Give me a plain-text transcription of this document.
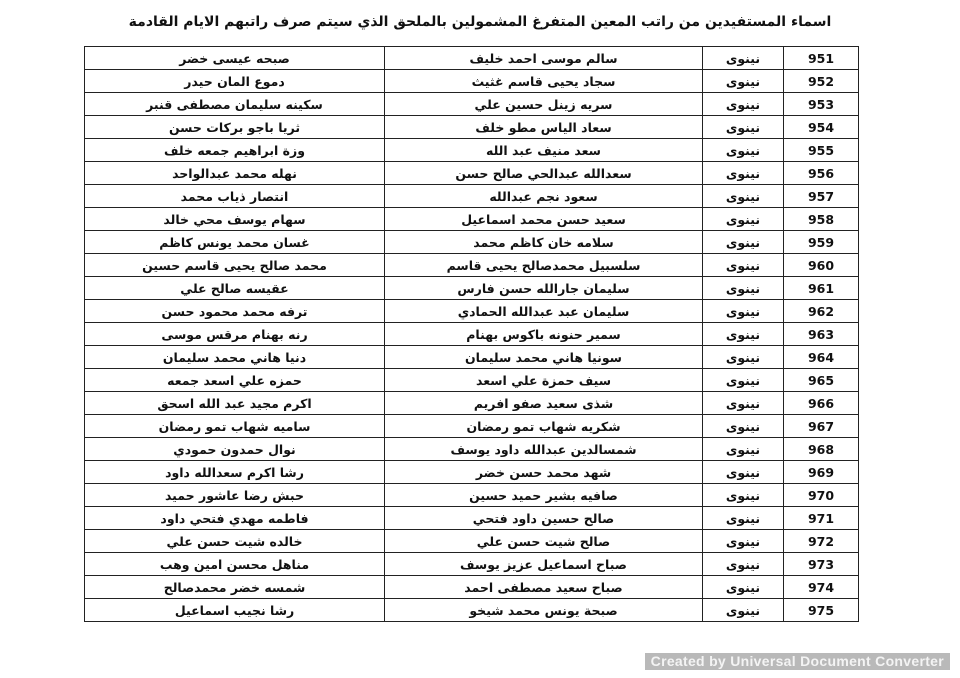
اسماء المستفيدين من راتب المعين المتفرغ المشمولين بالملحق الذي سيتم صرف راتبهم الايام القادمة
951	نينوى	سالم موسى احمد خليف	صبحه عيسى خضر
952	نينوى	سجاد يحيى قاسم غثيث	دموع المان حيدر
953	نينوى	سريه زينل حسين علي	سكينه سليمان مصطفى قنبر
954	نينوى	سعاد الياس مطو خلف	ثريا باجو بركات حسن
955	نينوى	سعد منيف عبد الله	وزة ابراهيم جمعه خلف
956	نينوى	سعدالله عبدالحي صالح حسن	نهله محمد عبدالواحد
957	نينوى	سعود نجم عبدالله	انتصار ذياب محمد
958	نينوى	سعيد حسن محمد اسماعيل	سهام يوسف محي خالد
959	نينوى	سلامه خان كاظم محمد	غسان محمد يونس كاظم
960	نينوى	سلسبيل محمدصالح يحيى قاسم	محمد صالح يحيى قاسم حسين
961	نينوى	سليمان جارالله حسن فارس	عقيسه صالح علي
962	نينوى	سليمان عبد عبدالله الحمادي	ترفه محمد محمود حسن
963	نينوى	سمير حنونه باكوس بهنام	رنه بهنام مرقس موسى
964	نينوى	سونيا هاني محمد سليمان	دنيا هاني محمد سليمان
965	نينوى	سيف حمزة علي اسعد	حمزه علي اسعد جمعه
966	نينوى	شذى سعيد صفو افريم	اكرم مجيد عبد الله اسحق
967	نينوى	شكريه شهاب تمو رمضان	ساميه شهاب تمو رمضان
968	نينوى	شمسالدين عبدالله داود يوسف	نوال حمدون حمودي
969	نينوى	شهد محمد حسن خضر	رشا اكرم سعدالله داود
970	نينوى	صافيه بشير حميد حسين	حبش رضا عاشور حميد
971	نينوى	صالح حسين داود فتحي	فاطمه مهدي فتحي داود
972	نينوى	صالح شيت حسن علي	خالده شيت حسن علي
973	نينوى	صباح اسماعيل عزيز يوسف	مناهل محسن امين وهب
974	نينوى	صباح سعيد مصطفى احمد	شمسه خضر محمدصالح
975	نينوى	صبحة يونس محمد شيخو	رشا نجيب اسماعيل
Created by Universal Document Converter
